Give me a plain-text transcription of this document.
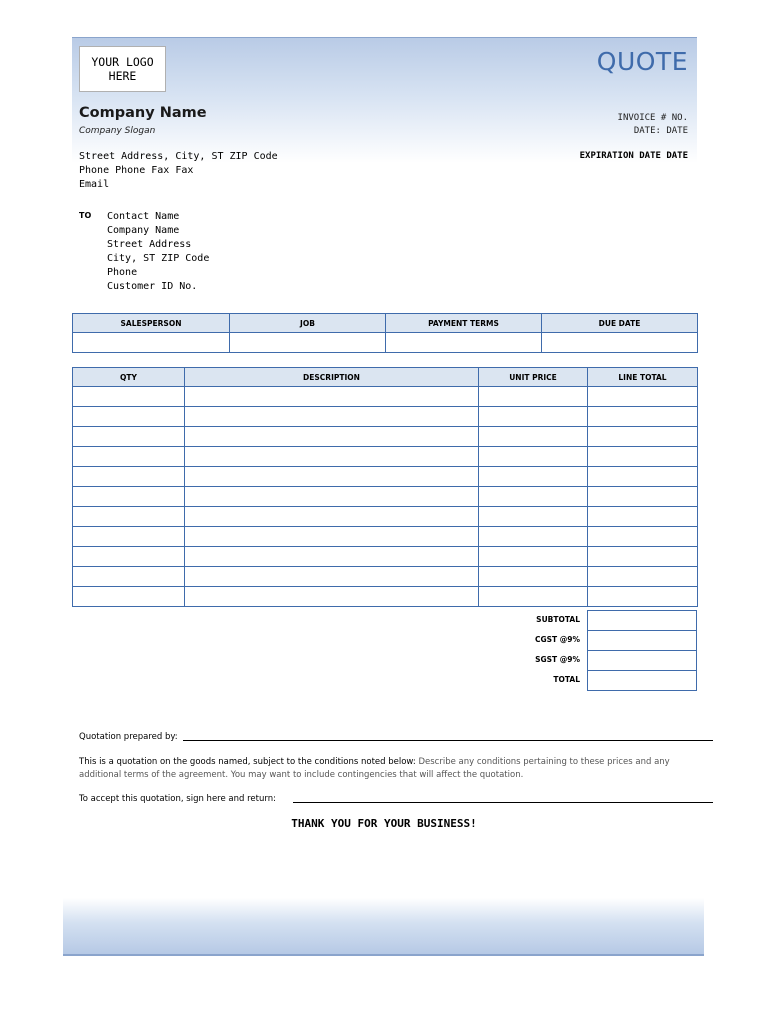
YOUR LOGO HERE	QUOTE
Company Name
Company Slogan
INVOICE # NO.
DATE: DATE
EXPIRATION DATE DATE
Street Address, City, ST ZIP Code
Phone Phone Fax Fax
Email
TO Contact Name
Company Name
Street Address
City, ST ZIP Code
Phone
Customer ID No.
SALESPERSON	JOB	PAYMENT TERMS	DUE DATE

QTY	DESCRIPTION	UNIT PRICE	LINE TOTAL

SUBTOTAL
CGST @9%
SGST @9%
TOTAL
Quotation prepared by:
This is a quotation on the goods named, subject to the conditions noted below: Describe any conditions pertaining to these prices and any additional terms of the agreement. You may want to include contingencies that will affect the quotation.
To accept this quotation, sign here and return:
THANK YOU FOR YOUR BUSINESS!
